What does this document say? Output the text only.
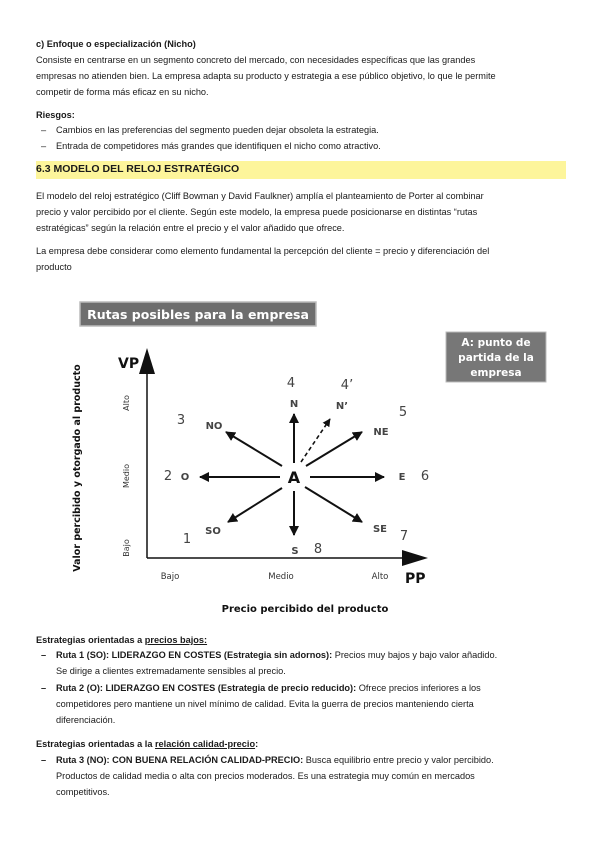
c) Enfoque o especialización (Nicho)
Consiste en centrarse en un segmento concreto del mercado, con necesidades específicas que las grandes
empresas no atienden bien. La empresa adapta su producto y estrategia a ese público objetivo, lo que le permite
competir de forma más eficaz en su nicho.
Riesgos:
– Cambios en las preferencias del segmento pueden dejar obsoleta la estrategia.
– Entrada de competidores más grandes que identifiquen el nicho como atractivo.
6.3 MODELO DEL RELOJ ESTRATÉGICO
El modelo del reloj estratégico (Cliff Bowman y David Faulkner) amplía el planteamiento de Porter al combinar
precio y valor percibido por el cliente. Según este modelo, la empresa puede posicionarse en distintas “rutas
estratégicas” según la relación entre el precio y el valor añadido que ofrece.
La empresa debe considerar como elemento fundamental la percepción del cliente = precio y diferenciación del
producto
Rutas posibles para la empresa
A: punto de
partida de la
empresa
VP
PP
Valor percibido y otorgado al producto
Precio percibido del producto
Alto
Medio
Bajo
Bajo	Medio	Alto
A
1
2
3
4	4’
5
6
7
8
SO
O
NO
N	N’
NE
E
SE
S
Estrategias orientadas a precios bajos:
– Ruta 1 (SO): LIDERAZGO EN COSTES (Estrategia sin adornos): Precios muy bajos y bajo valor añadido.
Se dirige a clientes extremadamente sensibles al precio.
– Ruta 2 (O): LIDERAZGO EN COSTES (Estrategia de precio reducido): Ofrece precios inferiores a los
competidores pero mantiene un nivel mínimo de calidad. Evita la guerra de precios manteniendo cierta
diferenciación.
Estrategias orientadas a la relación calidad-precio:
– Ruta 3 (NO): CON BUENA RELACIÓN CALIDAD-PRECIO: Busca equilibrio entre precio y valor percibido.
Productos de calidad media o alta con precios moderados. Es una estrategia muy común en mercados
competitivos.
